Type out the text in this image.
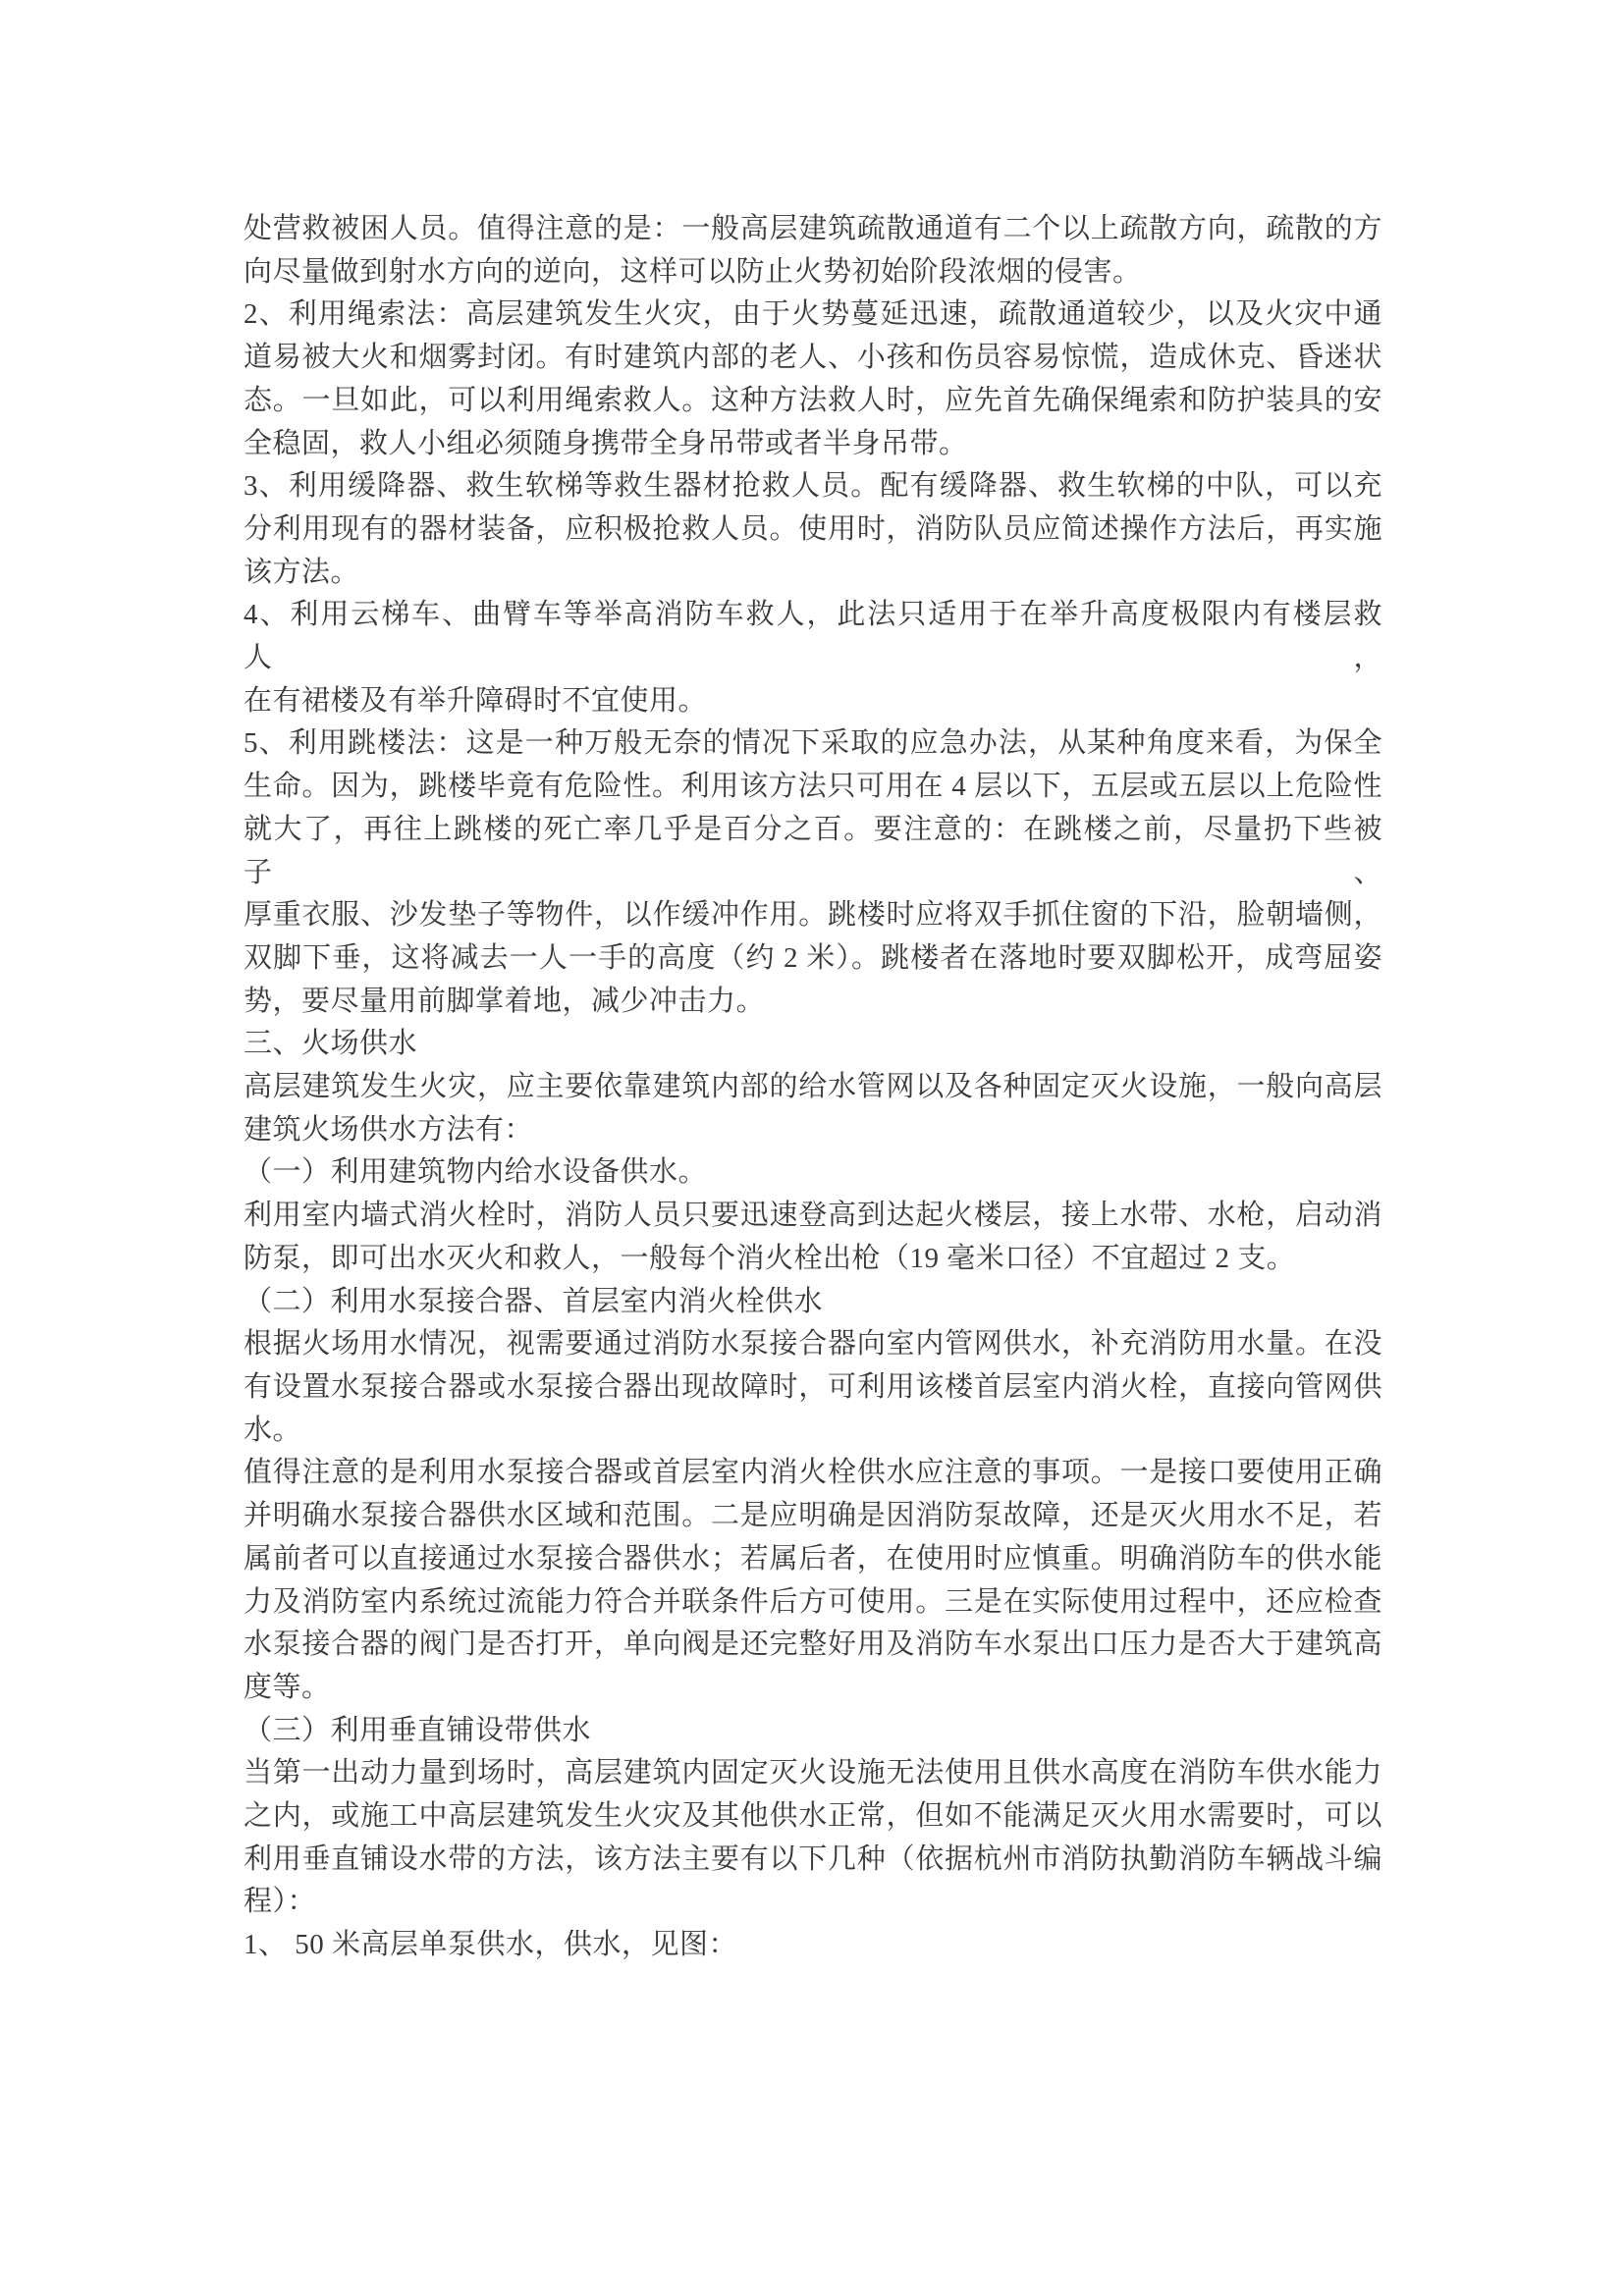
处营救被困人员。值得注意的是：一般高层建筑疏散通道有二个以上疏散方向，疏散的方
向尽量做到射水方向的逆向，这样可以防止火势初始阶段浓烟的侵害。
2、利用绳索法：高层建筑发生火灾，由于火势蔓延迅速，疏散通道较少，以及火灾中通
道易被大火和烟雾封闭。有时建筑内部的老人、小孩和伤员容易惊慌，造成休克、昏迷状
态。一旦如此，可以利用绳索救人。这种方法救人时，应先首先确保绳索和防护装具的安
全稳固，救人小组必须随身携带全身吊带或者半身吊带。
3、利用缓降器、救生软梯等救生器材抢救人员。配有缓降器、救生软梯的中队，可以充
分利用现有的器材装备，应积极抢救人员。使用时，消防队员应简述操作方法后，再实施
该方法。
4、利用云梯车、曲臂车等举高消防车救人，此法只适用于在举升高度极限内有楼层救人，
在有裙楼及有举升障碍时不宜使用。
5、利用跳楼法：这是一种万般无奈的情况下采取的应急办法，从某种角度来看，为保全
生命。因为，跳楼毕竟有危险性。利用该方法只可用在 4 层以下，五层或五层以上危险性
就大了，再往上跳楼的死亡率几乎是百分之百。要注意的：在跳楼之前，尽量扔下些被子、
厚重衣服、沙发垫子等物件，以作缓冲作用。跳楼时应将双手抓住窗的下沿，脸朝墙侧，
双脚下垂，这将减去一人一手的高度（约 2 米）。跳楼者在落地时要双脚松开，成弯屈姿
势，要尽量用前脚掌着地，减少冲击力。
三、火场供水
高层建筑发生火灾，应主要依靠建筑内部的给水管网以及各种固定灭火设施，一般向高层
建筑火场供水方法有：
（一）利用建筑物内给水设备供水。
利用室内墙式消火栓时，消防人员只要迅速登高到达起火楼层，接上水带、水枪，启动消
防泵，即可出水灭火和救人，一般每个消火栓出枪（19 毫米口径）不宜超过 2 支。
（二）利用水泵接合器、首层室内消火栓供水
根据火场用水情况，视需要通过消防水泵接合器向室内管网供水，补充消防用水量。在没
有设置水泵接合器或水泵接合器出现故障时，可利用该楼首层室内消火栓，直接向管网供
水。
值得注意的是利用水泵接合器或首层室内消火栓供水应注意的事项。一是接口要使用正确
并明确水泵接合器供水区域和范围。二是应明确是因消防泵故障，还是灭火用水不足，若
属前者可以直接通过水泵接合器供水；若属后者，在使用时应慎重。明确消防车的供水能
力及消防室内系统过流能力符合并联条件后方可使用。三是在实际使用过程中，还应检查
水泵接合器的阀门是否打开，单向阀是还完整好用及消防车水泵出口压力是否大于建筑高
度等。
（三）利用垂直铺设带供水
当第一出动力量到场时，高层建筑内固定灭火设施无法使用且供水高度在消防车供水能力
之内，或施工中高层建筑发生火灾及其他供水正常，但如不能满足灭火用水需要时，可以
利用垂直铺设水带的方法，该方法主要有以下几种（依据杭州市消防执勤消防车辆战斗编
程）：
1、 50 米高层单泵供水，供水，见图：
